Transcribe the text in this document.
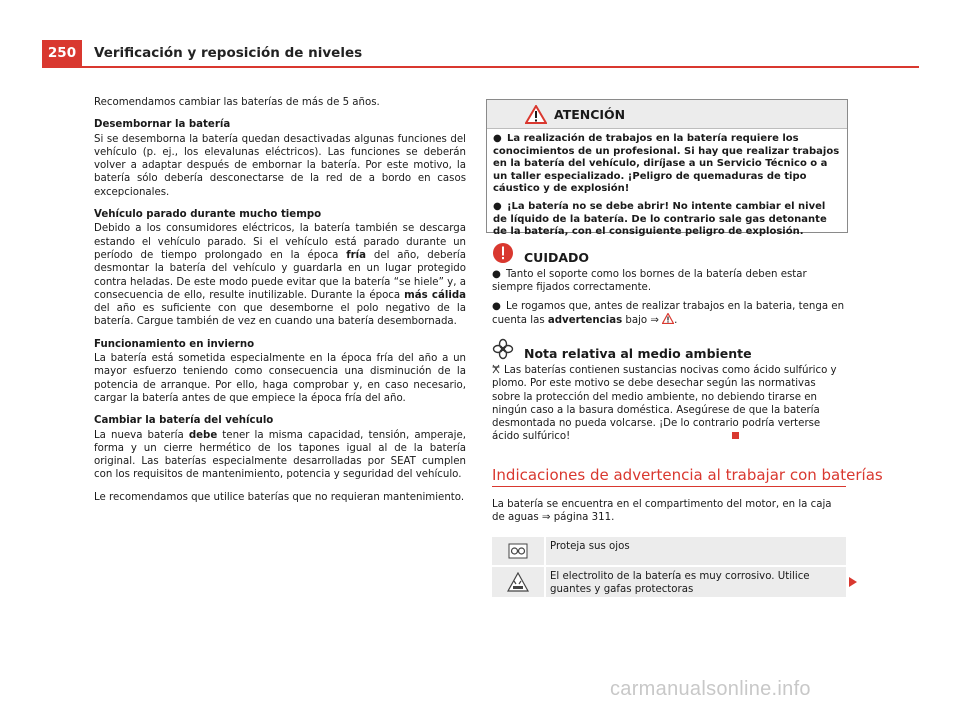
250	Verificación y reposición de niveles

Recomendamos cambiar las baterías de más de 5 años.

Desembornar la batería

Si se desemborna la batería quedan desactivadas algunas funciones del vehículo (p. ej., los elevalunas eléctricos). Las funciones se deberán volver a adaptar después de embornar la batería. Por este motivo, la batería sólo debería desconectarse de la red de a bordo en casos excepcionales.

Vehículo parado durante mucho tiempo

Debido a los consumidores eléctricos, la batería también se descarga estando el vehículo parado. Si el vehículo está parado durante un período de tiempo prolongado en la época fría del año, debería desmontar la batería del vehículo y guardarla en un lugar protegido contra heladas. De este modo puede evitar que la batería “se hiele” y, a consecuencia de ello, resulte inutilizable. Durante la época más cálida del año es suficiente con que desemborne el polo negativo de la batería. Cargue también de vez en cuando una batería desembornada.

Funcionamiento en invierno

La batería está sometida especialmente en la época fría del año a un mayor esfuerzo teniendo como consecuencia una disminución de la potencia de arranque. Por ello, haga comprobar y, en caso necesario, cargar la batería antes de que empiece la época fría del año.

Cambiar la batería del vehículo

La nueva batería debe tener la misma capacidad, tensión, amperaje, forma y un cierre hermético de los tapones igual al de la batería original. Las baterías especialmente desarrolladas por SEAT cumplen con los requisitos de mantenimiento, potencia y seguridad del vehículo.

Le recomendamos que utilice baterías que no requieran mantenimiento.

ATENCIÓN

● La realización de trabajos en la batería requiere los conocimientos de un profesional. Si hay que realizar trabajos en la batería del vehículo, diríjase a un Servicio Técnico o a un taller especializado. ¡Peligro de quemaduras de tipo cáustico y de explosión!

● ¡La batería no se debe abrir! No intente cambiar el nivel de líquido de la batería. De lo contrario sale gas detonante de la batería, con el consiguiente peligro de explosión.

CUIDADO

● Tanto el soporte como los bornes de la batería deben estar siempre fijados correctamente.

● Le rogamos que, antes de realizar trabajos en la bateria, tenga en cuenta las advertencias bajo ⇒ .

Nota relativa al medio ambiente

Las baterías contienen sustancias nocivas como ácido sulfúrico y plomo. Por este motivo se debe desechar según las normativas sobre la protección del medio ambiente, no debiendo tirarse en ningún caso a la basura doméstica. Asegúrese de que la batería desmontada no pueda volcarse. ¡De lo contrario podría verterse ácido sulfúrico!

Indicaciones de advertencia al trabajar con baterías
La batería se encuentra en el compartimento del motor, en la caja de aguas ⇒ página 311.
Proteja sus ojos
El electrolito de la batería es muy corrosivo. Utilice guantes y gafas protectoras
carmanualsonline.info
